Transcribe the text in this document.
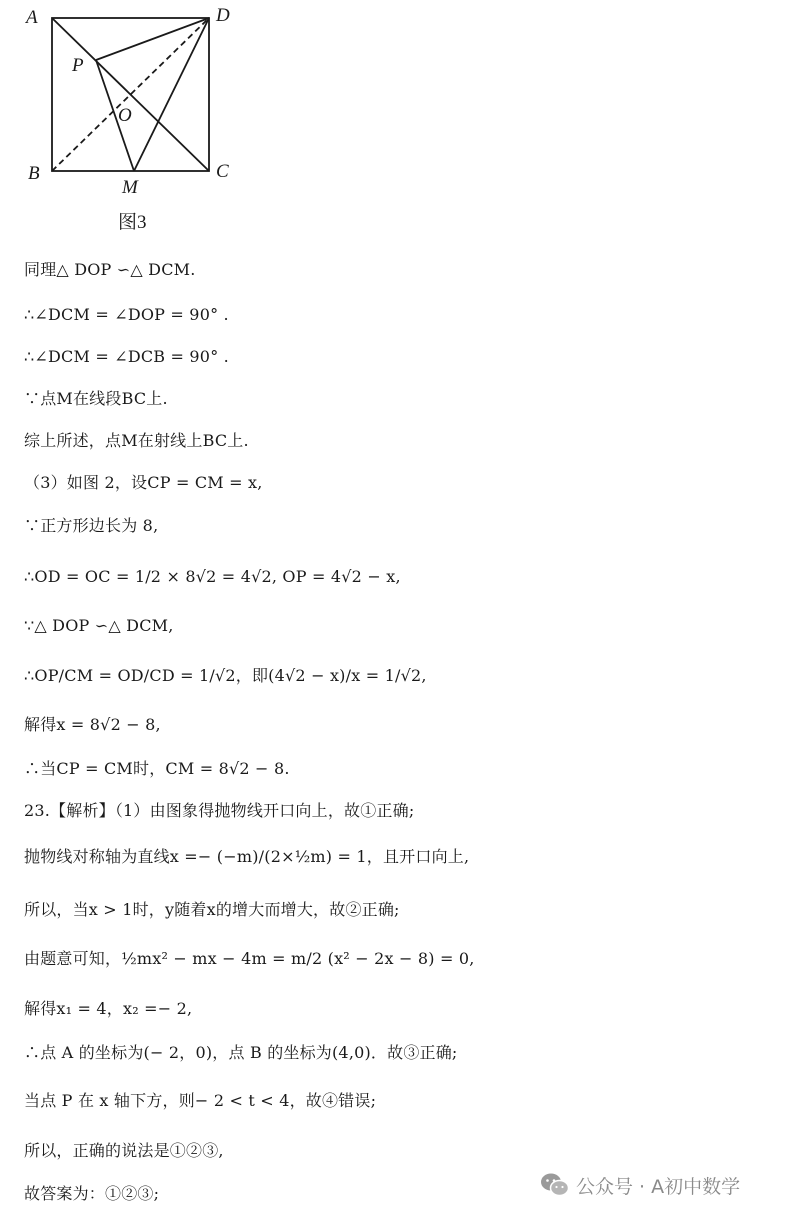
A	D
P
O
B
M
C
图3
同理△ DOP ∽△ DCM.
∴∠DCM = ∠DOP = 90° .
∴∠DCM = ∠DCB = 90° .
∵点M在线段BC上.
综上所述，点M在射线上BC上.
（3）如图 2，设CP = CM = x,
∵正方形边长为 8,
∴OD = OC = 1/2 × 8√2 = 4√2, OP = 4√2 − x,
∵△ DOP ∽△ DCM,
∴OP/CM = OD/CD = 1/√2，即(4√2 − x)/x = 1/√2,
解得x = 8√2 − 8,
∴当CP = CM时，CM = 8√2 − 8.
23.【解析】（1）由图象得抛物线开口向上，故①正确;
抛物线对称轴为直线x =− (−m)/(2×½m) = 1，且开口向上,
所以，当x > 1时，y随着x的增大而增大，故②正确;
由题意可知，½mx² − mx − 4m = m/2 (x² − 2x − 8) = 0,
解得x₁ = 4，x₂ =− 2,
∴点 A 的坐标为(− 2，0)，点 B 的坐标为(4,0)．故③正确;
当点 P 在 x 轴下方，则− 2 < t < 4，故④错误;
所以，正确的说法是①②③,
故答案为：①②③;	公众号 · A初中数学
